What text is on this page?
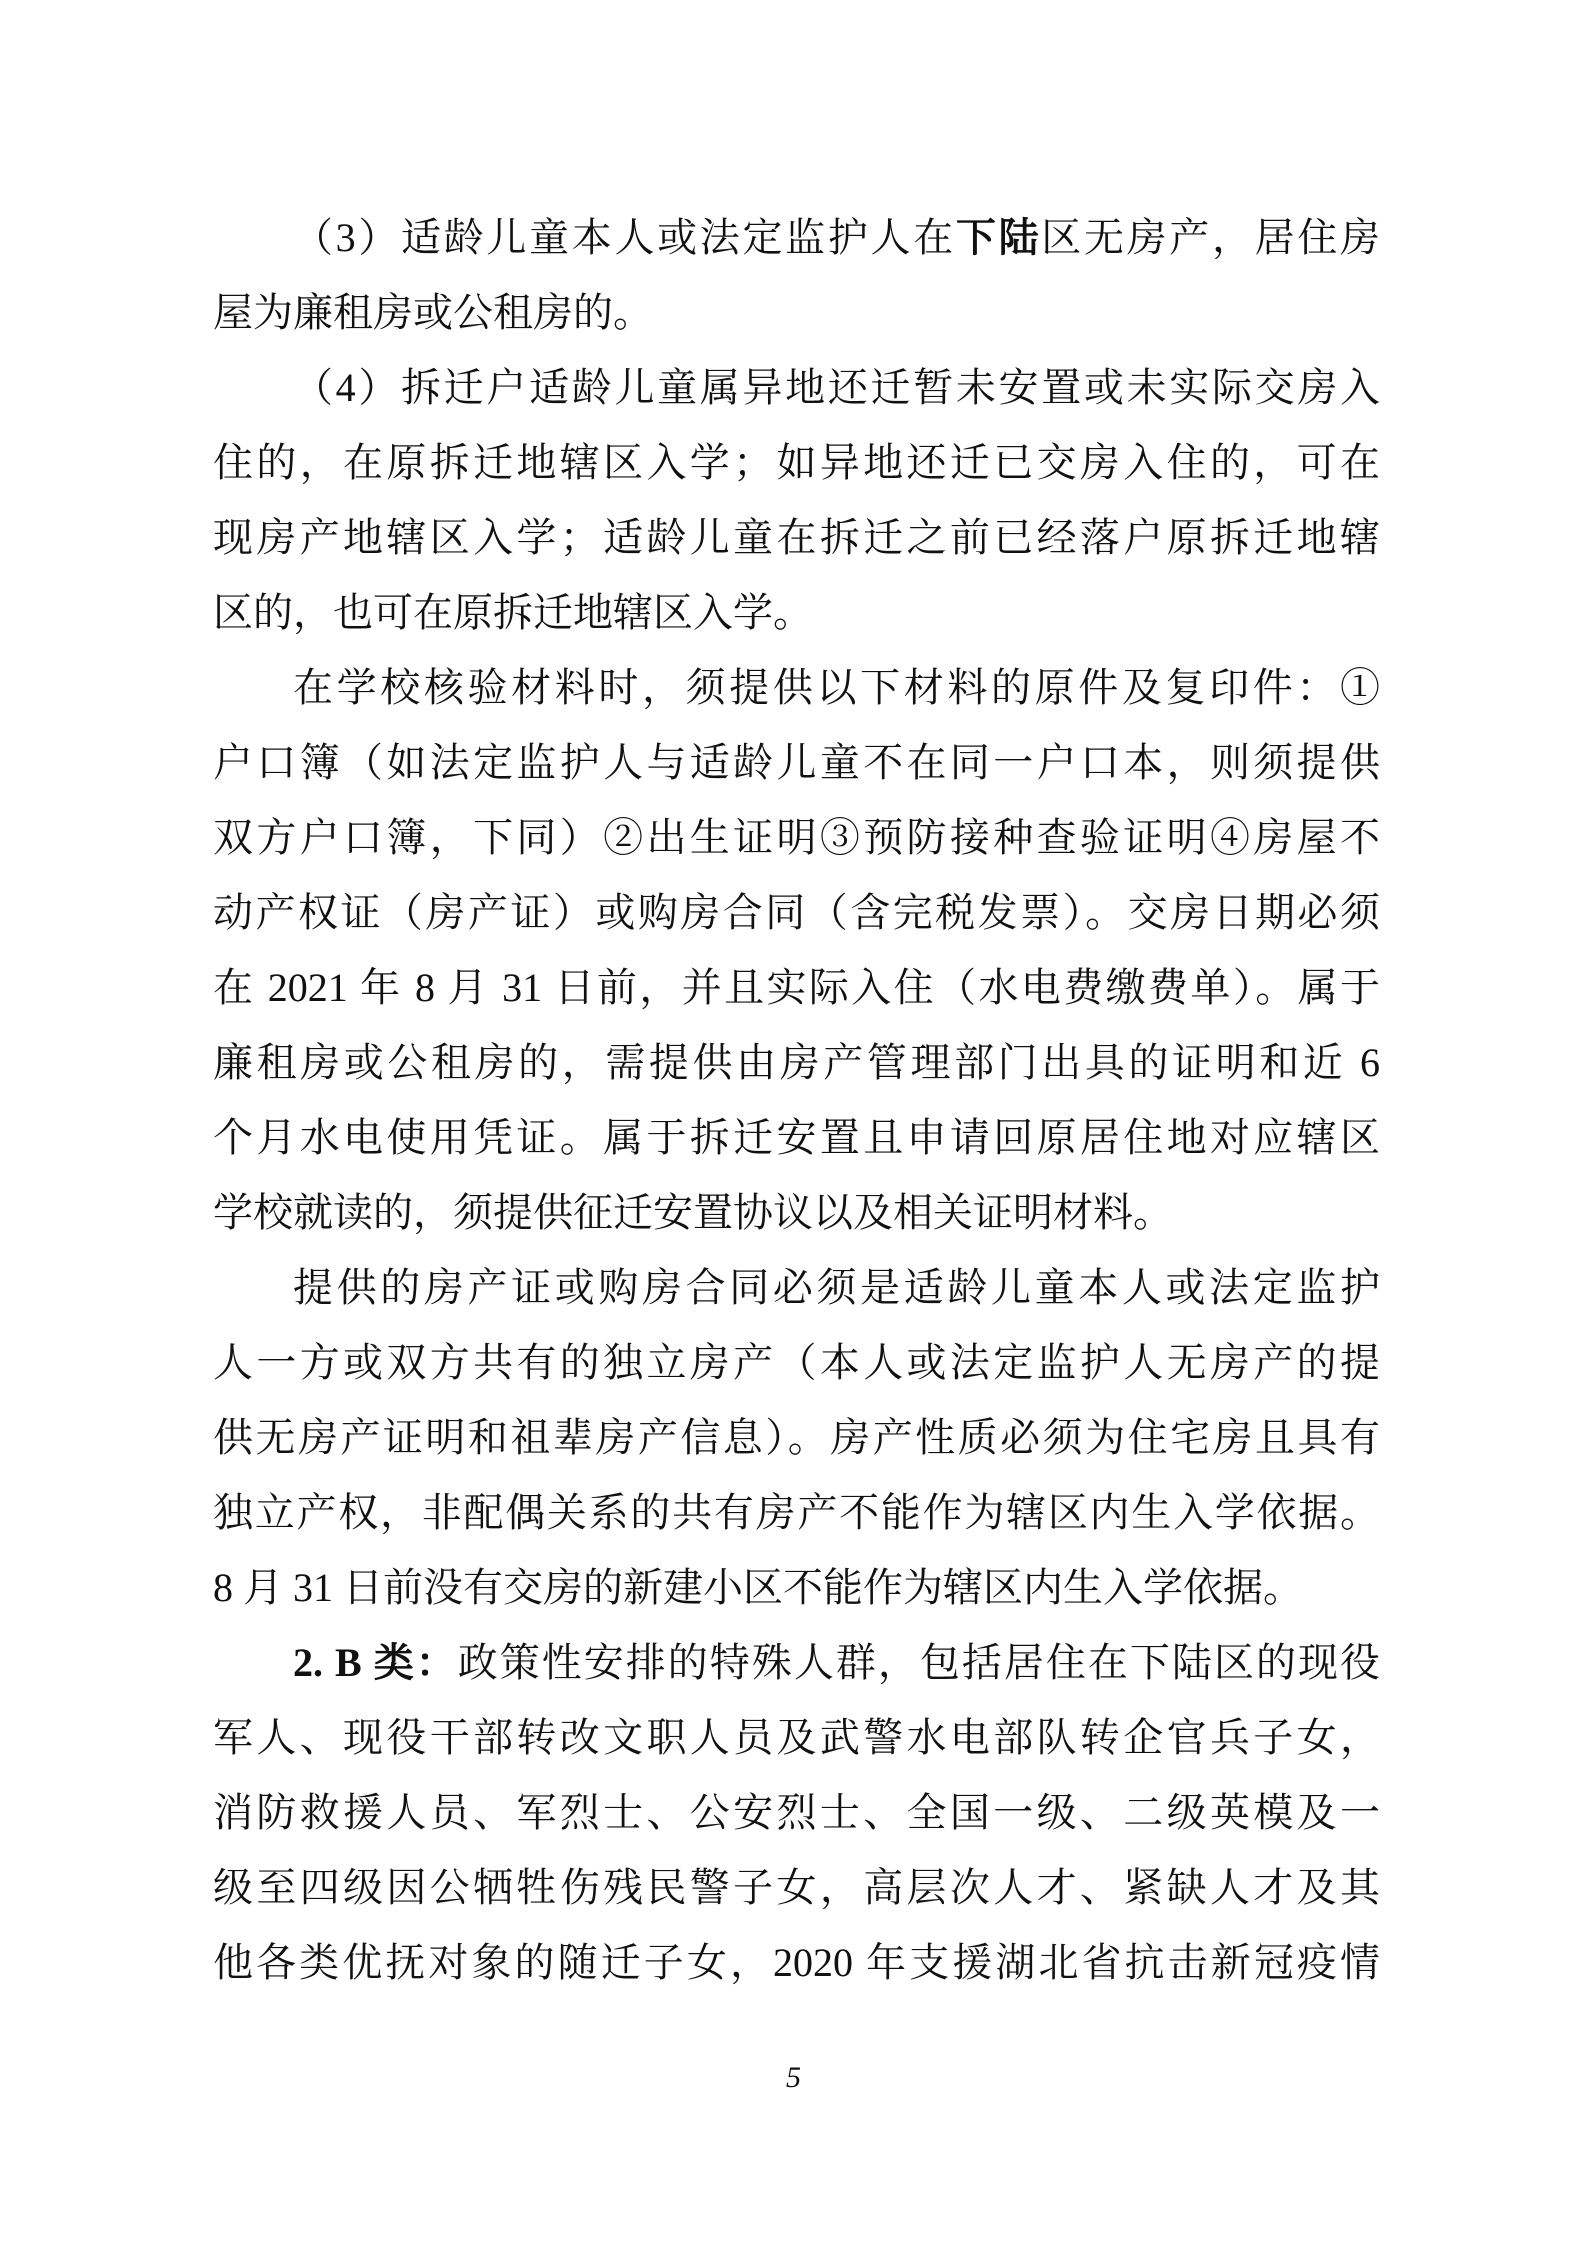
（3）适龄儿童本人或法定监护人在下陆区无房产，居住房
屋为廉租房或公租房的。
（4）拆迁户适龄儿童属异地还迁暂未安置或未实际交房入
住的，在原拆迁地辖区入学；如异地还迁已交房入住的，可在
现房产地辖区入学；适龄儿童在拆迁之前已经落户原拆迁地辖
区的，也可在原拆迁地辖区入学。
在学校核验材料时，须提供以下材料的原件及复印件：①
户口簿（如法定监护人与适龄儿童不在同一户口本，则须提供
双方户口簿，下同）②出生证明③预防接种查验证明④房屋不
动产权证（房产证）或购房合同（含完税发票）。交房日期必须
在 2021 年 8 月 31 日前，并且实际入住（水电费缴费单）。属于
廉租房或公租房的，需提供由房产管理部门出具的证明和近 6
个月水电使用凭证。属于拆迁安置且申请回原居住地对应辖区
学校就读的，须提供征迁安置协议以及相关证明材料。
提供的房产证或购房合同必须是适龄儿童本人或法定监护
人一方或双方共有的独立房产（本人或法定监护人无房产的提
供无房产证明和祖辈房产信息）。房产性质必须为住宅房且具有
独立产权，非配偶关系的共有房产不能作为辖区内生入学依据。
8 月 31 日前没有交房的新建小区不能作为辖区内生入学依据。
2. B 类：政策性安排的特殊人群，包括居住在下陆区的现役
军人、现役干部转改文职人员及武警水电部队转企官兵子女，
消防救援人员、军烈士、公安烈士、全国一级、二级英模及一
级至四级因公牺牲伤残民警子女，高层次人才、紧缺人才及其
他各类优抚对象的随迁子女，2020 年支援湖北省抗击新冠疫情
5
